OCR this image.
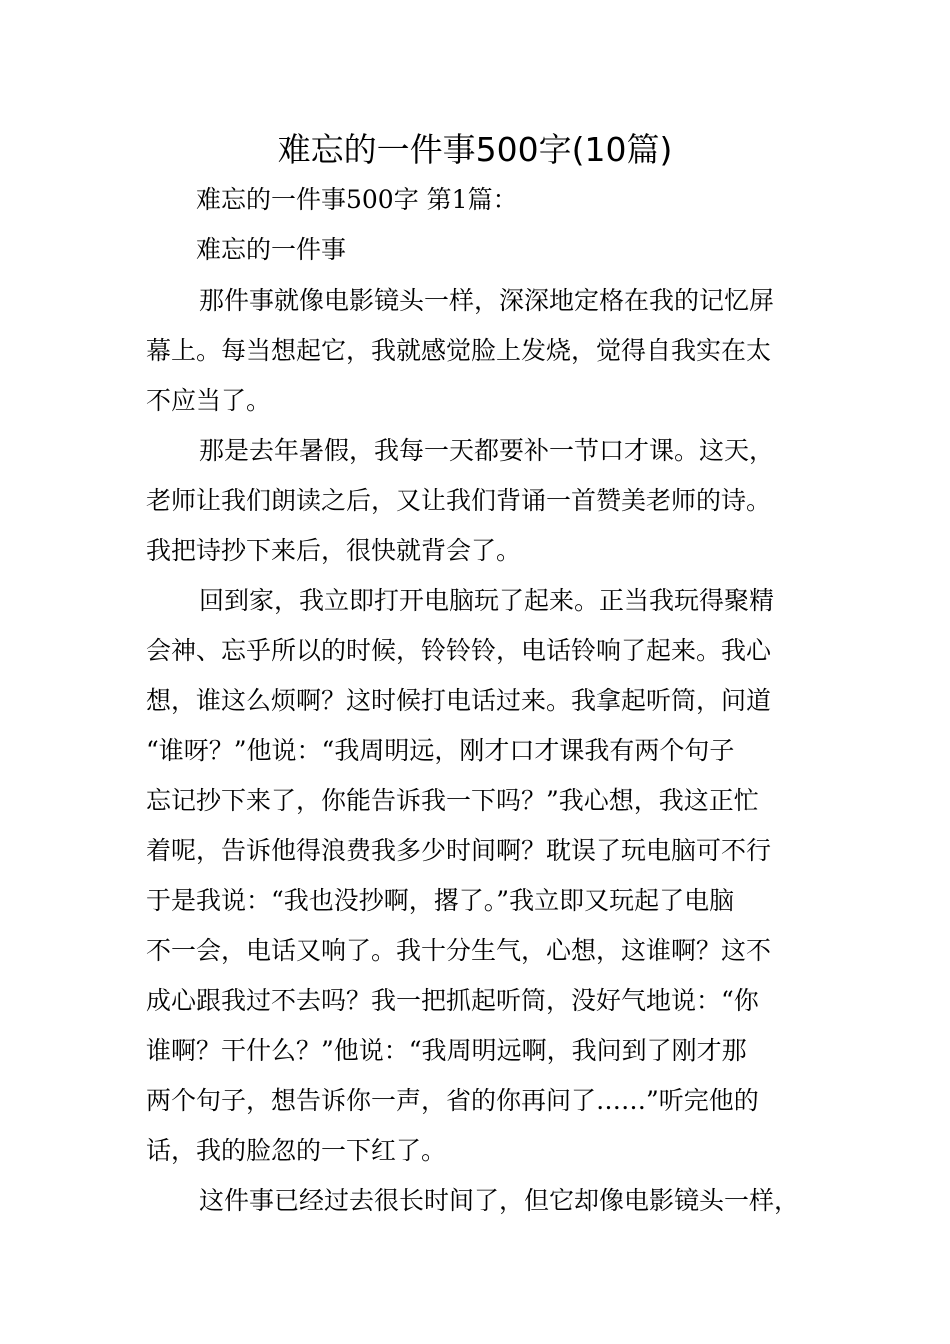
难忘的一件事500字(10篇)
难忘的一件事500字 第1篇：
难忘的一件事
那件事就像电影镜头一样，深深地定格在我的记忆屏
幕上。每当想起它，我就感觉脸上发烧，觉得自我实在太
不应当了。
那是去年暑假，我每一天都要补一节口才课。这天，
老师让我们朗读之后，又让我们背诵一首赞美老师的诗。
我把诗抄下来后，很快就背会了。
回到家，我立即打开电脑玩了起来。正当我玩得聚精
会神、忘乎所以的时候，铃铃铃，电话铃响了起来。我心
想，谁这么烦啊？这时候打电话过来。我拿起听筒，问道
“谁呀？”他说：“我周明远，刚才口才课我有两个句子
忘记抄下来了，你能告诉我一下吗？”我心想，我这正忙
着呢，告诉他得浪费我多少时间啊？耽误了玩电脑可不行
于是我说：“我也没抄啊，撂了。”我立即又玩起了电脑
不一会，电话又响了。我十分生气，心想，这谁啊？这不
成心跟我过不去吗？我一把抓起听筒，没好气地说：“你
谁啊？干什么？”他说：“我周明远啊，我问到了刚才那
两个句子，想告诉你一声，省的你再问了……”听完他的
话，我的脸忽的一下红了。
这件事已经过去很长时间了，但它却像电影镜头一样，
